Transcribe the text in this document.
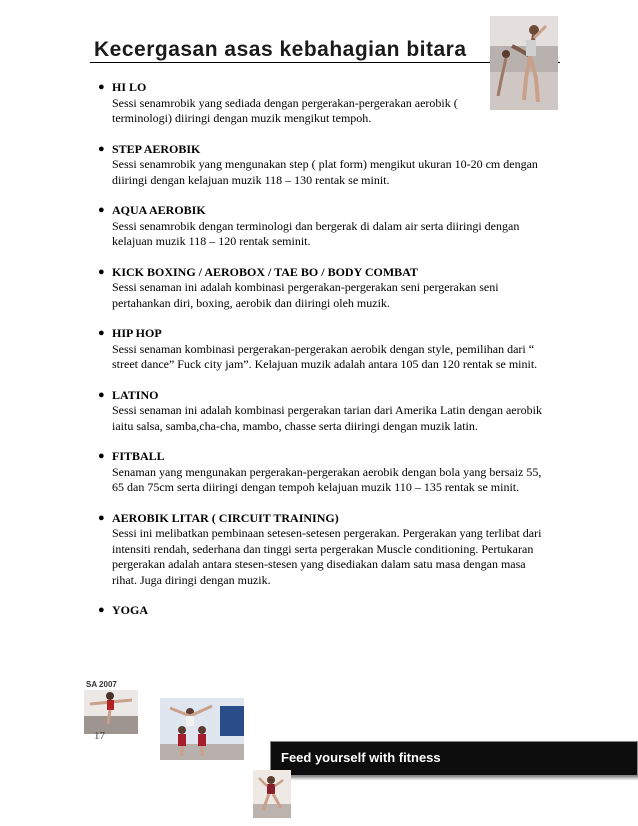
Kecergasan asas kebahagian bitara
● HI LO
Sessi senamrobik yang sediada dengan pergerakan-pergerakan aerobik ( terminologi) diiringi dengan muzik mengikut tempoh.
● STEP AEROBIK
Sessi senamrobik yang mengunakan step ( plat form) mengikut ukuran 10-20 cm dengan diiringi dengan kelajuan muzik 118 – 130 rentak se minit.
● AQUA AEROBIK
Sessi senamrobik dengan terminologi dan bergerak di dalam air serta diiringi dengan kelajuan muzik 118 – 120 rentak seminit.
● KICK BOXING / AEROBOX / TAE BO / BODY COMBAT
Sessi senaman ini adalah kombinasi pergerakan-pergerakan seni pergerakan seni pertahankan diri, boxing, aerobik dan diiringi oleh muzik.
● HIP HOP
Sessi senaman kombinasi pergerakan-pergerakan aerobik dengan style, pemilihan dari “ street dance” Fuck city jam”. Kelajuan muzik adalah antara 105 dan 120 rentak se minit.
● LATINO
Sessi senaman ini adalah kombinasi pergerakan tarian dari Amerika Latin dengan aerobik iaitu salsa, samba,cha-cha, mambo, chasse serta diiringi dengan muzik latin.
● FITBALL
Senaman yang mengunakan pergerakan-pergerakan aerobik dengan bola yang bersaiz 55, 65 dan 75cm serta diiringi dengan tempoh kelajuan muzik 110 – 135 rentak se minit.
● AEROBIK LITAR ( CIRCUIT TRAINING)
Sessi ini melibatkan pembinaan setesen-setesen pergerakan. Pergerakan yang terlibat dari intensiti rendah, sederhana dan tinggi serta pergerakan Muscle conditioning. Pertukaran pergerakan adalah antara stesen-stesen yang disediakan dalam satu masa dengan masa rihat. Juga diringi dengan muzik.
● YOGA
SA 2007
17
Feed yourself with fitness
